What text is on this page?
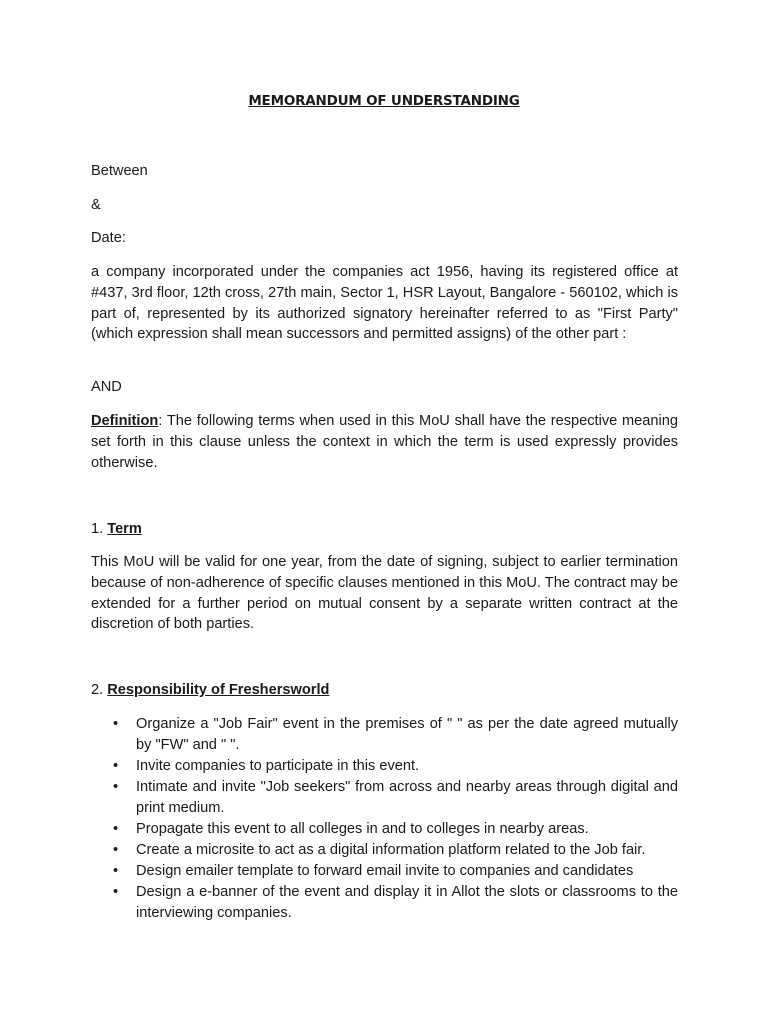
MEMORANDUM OF UNDERSTANDING
Between
&
Date:
a company incorporated under the companies act 1956, having its registered office at #437, 3rd floor, 12th cross, 27th main, Sector 1, HSR Layout, Bangalore - 560102, which is part of, represented by its authorized signatory hereinafter referred to as "First Party" (which expression shall mean successors and permitted assigns) of the other part :
AND
Definition: The following terms when used in this MoU shall have the respective meaning set forth in this clause unless the context in which the term is used expressly provides otherwise.
1. Term
This MoU will be valid for one year, from the date of signing, subject to earlier termination because of non-adherence of specific clauses mentioned in this MoU. The contract may be extended for a further period on mutual consent by a separate written contract at the discretion of both parties.
2. Responsibility of Freshersworld
• Organize a "Job Fair" event in the premises of " " as per the date agreed mutually by "FW" and " ".
• Invite companies to participate in this event.
• Intimate and invite "Job seekers" from across and nearby areas through digital and print medium.
• Propagate this event to all colleges in and to colleges in nearby areas.
• Create a microsite to act as a digital information platform related to the Job fair.
• Design emailer template to forward email invite to companies and candidates
• Design a e-banner of the event and display it in Allot the slots or classrooms to the interviewing companies.
